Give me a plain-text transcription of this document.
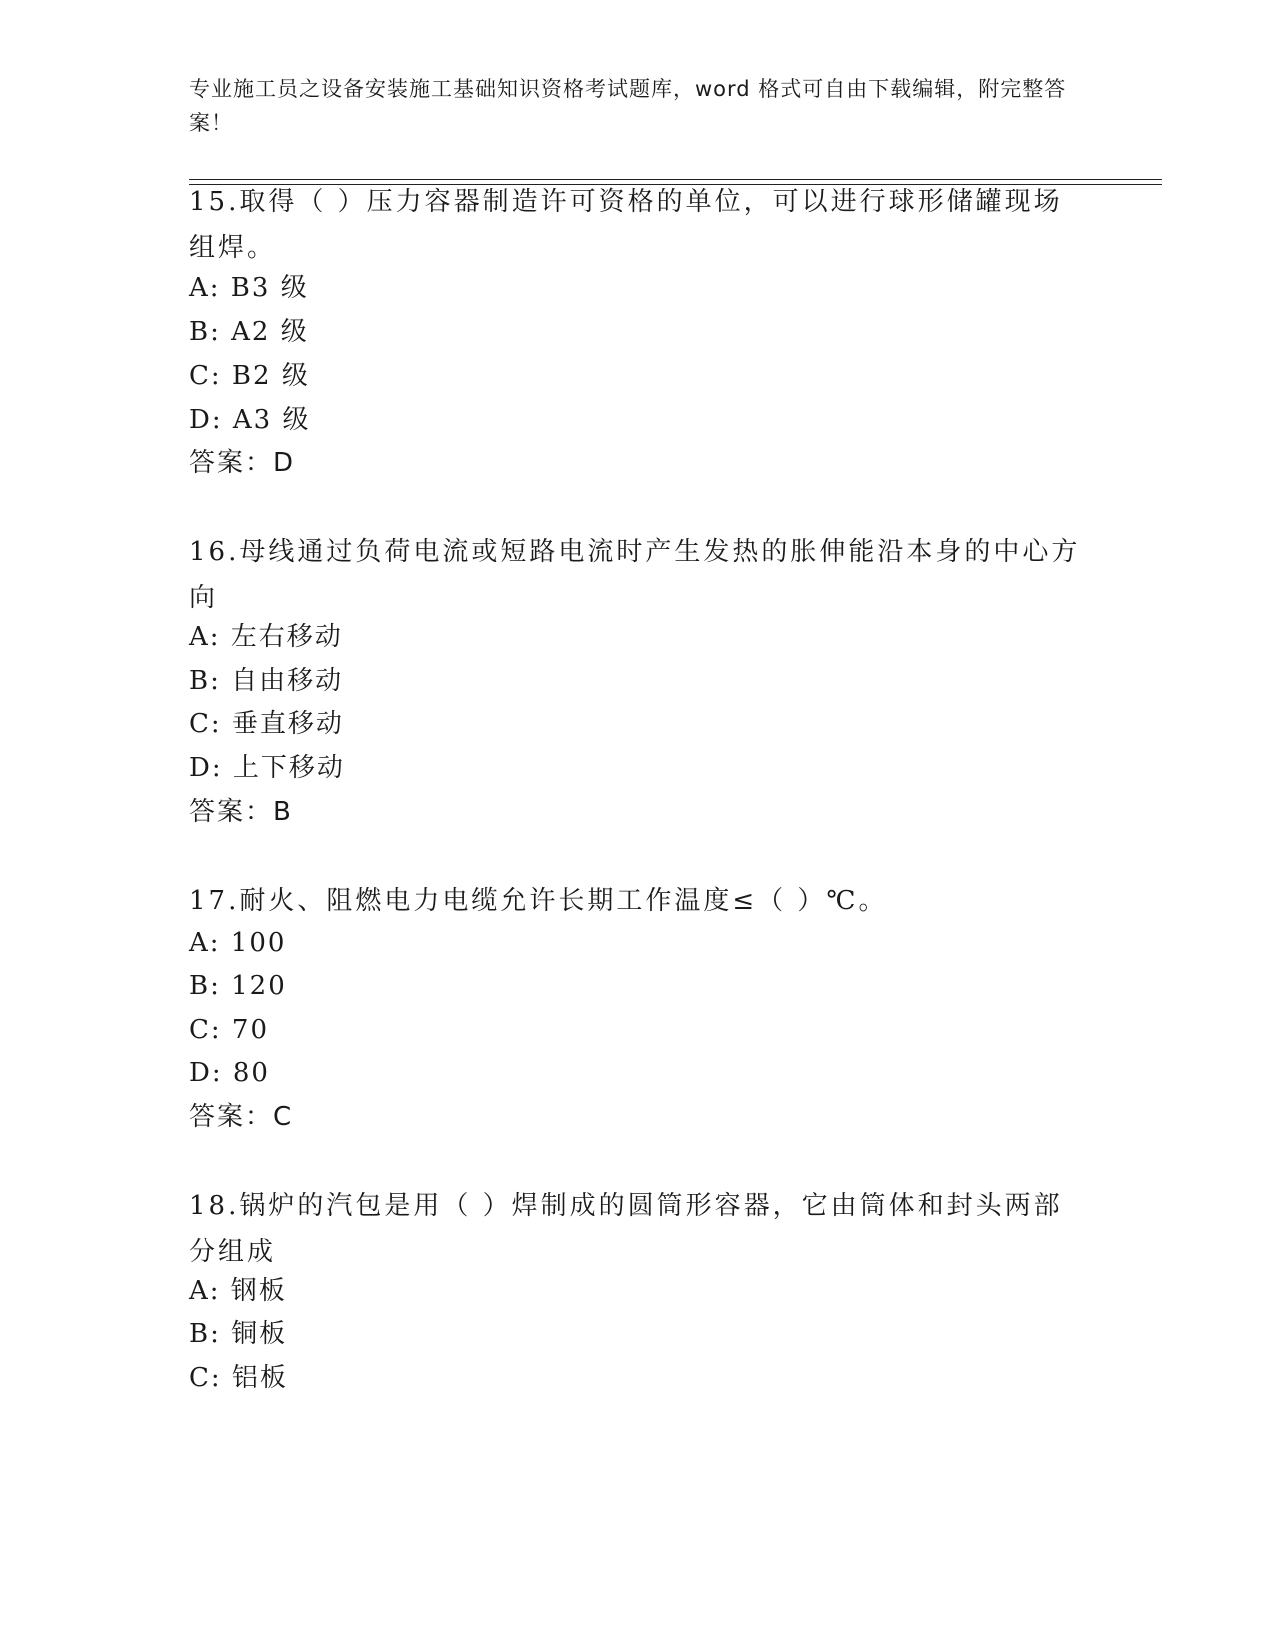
专业施工员之设备安装施工基础知识资格考试题库，word 格式可自由下载编辑，附完整答案！

15.取得（ ）压力容器制造许可资格的单位，可以进行球形储罐现场组焊。

A: B3 级
B: A2 级
C: B2 级
D: A3 级
答案：D

16.母线通过负荷电流或短路电流时产生发热的胀伸能沿本身的中心方向

A: 左右移动
B: 自由移动
C: 垂直移动
D: 上下移动
答案：B

17.耐火、阻燃电力电缆允许长期工作温度≤（ ）℃。

A: 100
B: 120
C: 70
D: 80
答案：C

18.锅炉的汽包是用（ ）焊制成的圆筒形容器，它由筒体和封头两部分组成

A: 钢板
B: 铜板
C: 铝板
